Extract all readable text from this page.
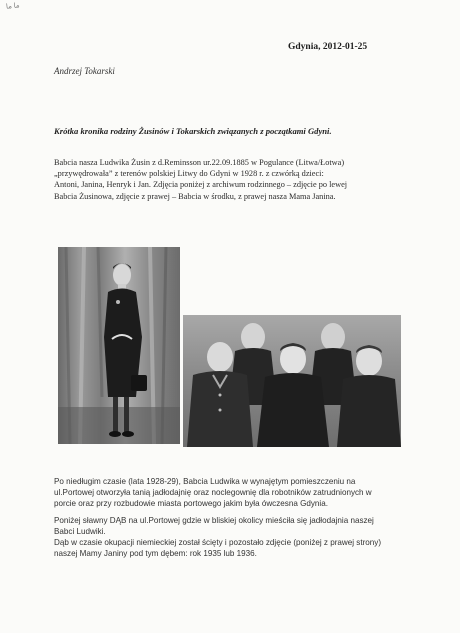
ما ما
Gdynia, 2012-01-25
Andrzej Tokarski
Krótka kronika rodziny Żusinów i Tokarskich związanych z początkami Gdyni.
Babcia nasza Ludwika Żusin z d.Reminsson ur.22.09.1885 w Pogulance (Litwa/Łotwa)
„przywędrowała” z terenów polskiej Litwy do Gdyni w 1928 r. z czwórką dzieci:
Antoni, Janina, Henryk i Jan. Zdjęcia poniżej z archiwum rodzinnego – zdjęcie po lewej
Babcia Żusinowa, zdjęcie z prawej – Babcia w środku, z prawej nasza Mama Janina.
Po niedługim czasie (lata 1928-29), Babcia Ludwika w wynajętym pomieszczeniu na
ul.Portowej otworzyła tanią jadłodajnię oraz noclegownię dla robotników zatrudnionych w
porcie oraz przy rozbudowie miasta portowego jakim była ówczesna Gdynia.
Poniżej sławny DĄB na ul.Portowej gdzie w bliskiej okolicy mieściła się jadłodajnia naszej
Babci Ludwiki.
Dąb w czasie okupacji niemieckiej został ścięty i pozostało zdjęcie (poniżej z prawej strony)
naszej Mamy Janiny pod tym dębem: rok 1935 lub 1936.
